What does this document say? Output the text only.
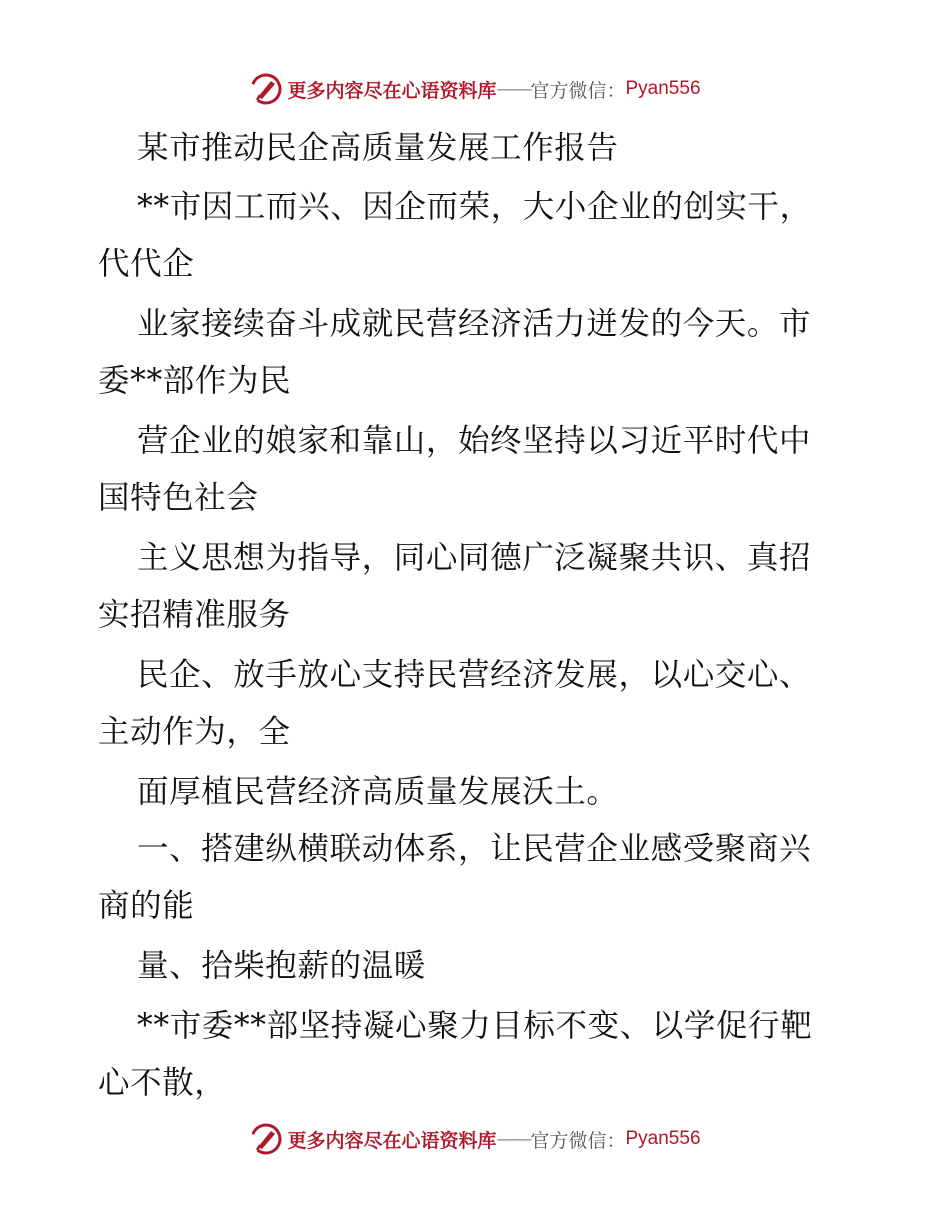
更多内容尽在心语资料库 —— 官方微信： Pyan556
某市推动民企高质量发展工作报告
**市因工而兴、因企而荣，大小企业的创实干，
代代企
业家接续奋斗成就民营经济活力迸发的今天。市
委**部作为民
营企业的娘家和靠山，始终坚持以习近平时代中
国特色社会
主义思想为指导，同心同德广泛凝聚共识、真招
实招精准服务
民企、放手放心支持民营经济发展，以心交心、
主动作为，全
面厚植民营经济高质量发展沃土。
一、搭建纵横联动体系，让民营企业感受聚商兴
商的能
量、拾柴抱薪的温暖
**市委**部坚持凝心聚力目标不变、以学促行靶
心不散，
更多内容尽在心语资料库 —— 官方微信： Pyan556
